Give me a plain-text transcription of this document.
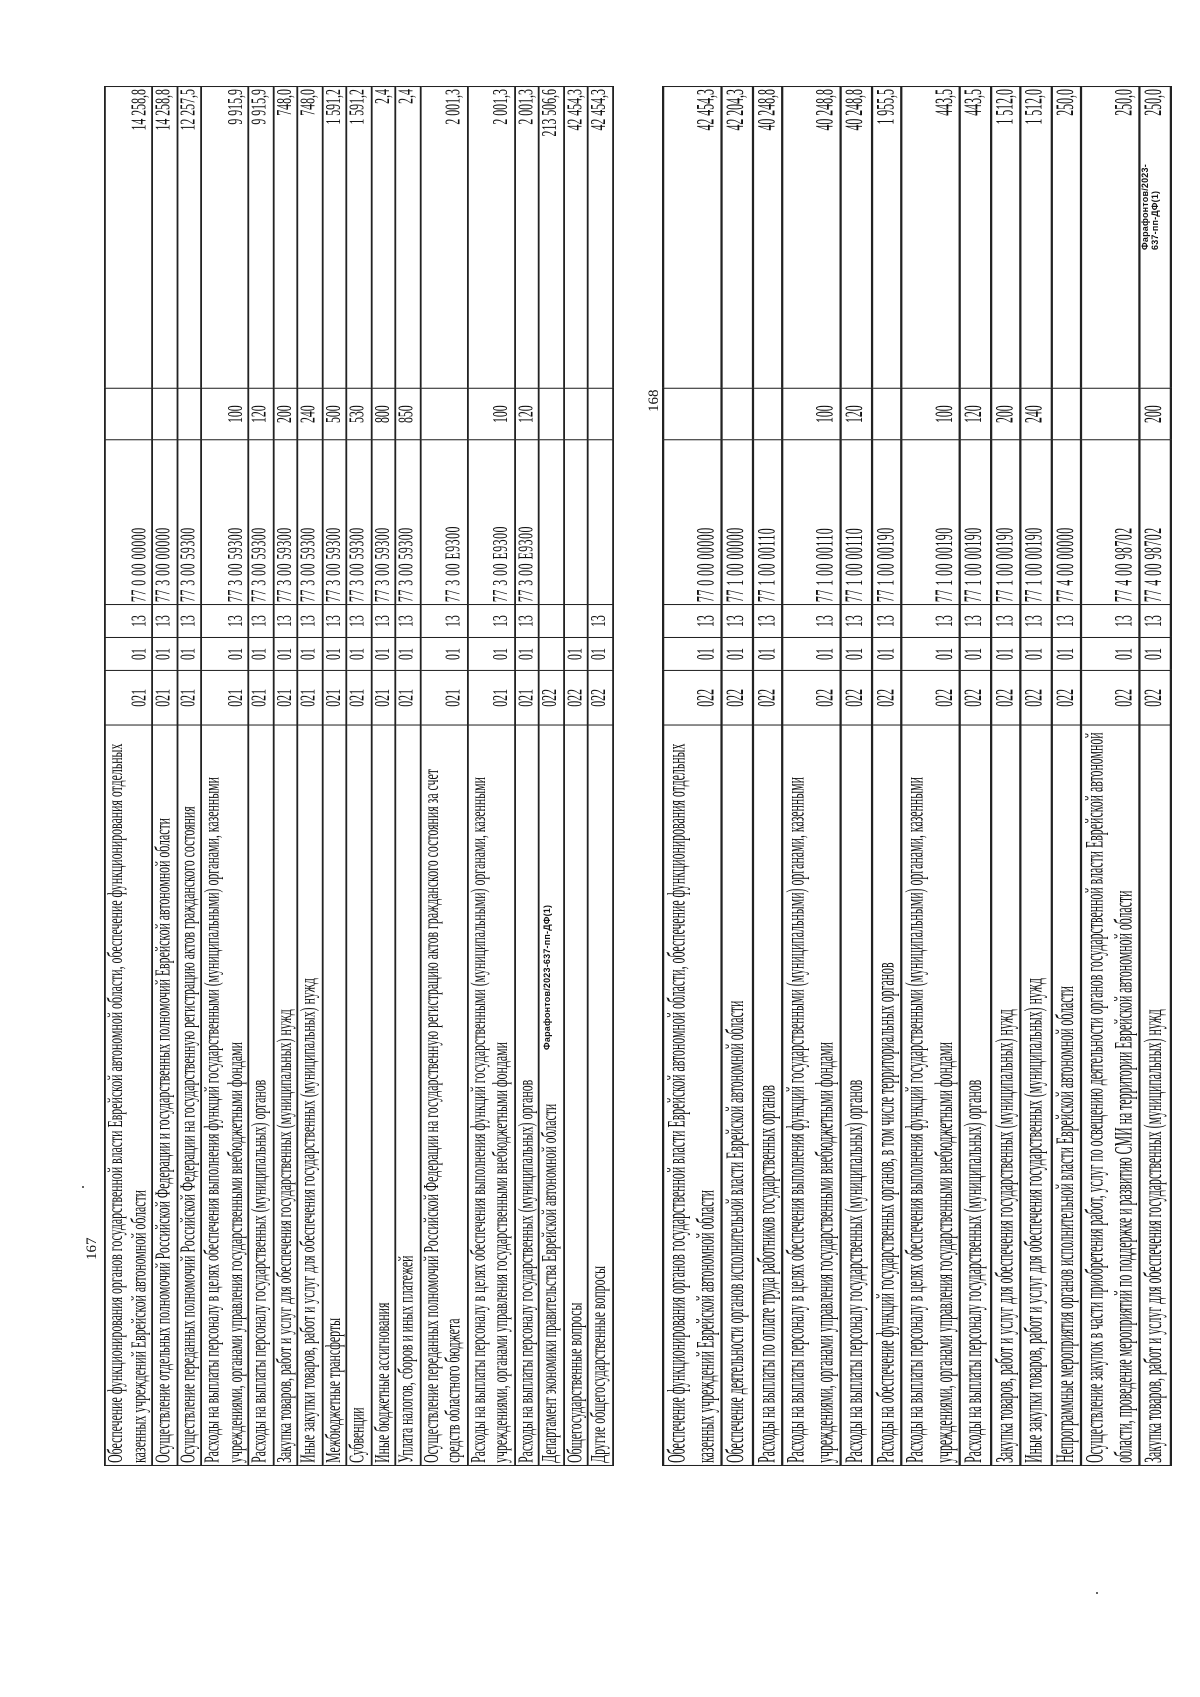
Обеспечение функционирования органов государственной власти Еврейской автономной области, обеспечение функционирования отдельных казенных учреждений Еврейской автономной области	021	01	13	77 0 00 00000		14 258,8
Осуществление отдельных полномочий Российской Федерации и государственных полномочий Еврейской автономной области	021	01	13	77 3 00 00000		14 258,8
Осуществление переданных полномочий Российской Федерации на государственную регистрацию актов гражданского состояния	021	01	13	77 3 00 59300		12 257,5
Расходы на выплаты персоналу в целях обеспечения выполнения функций государственными (муниципальными) органами, казенными учреждениями, органами управления государственными внебюджетными фондами	021	01	13	77 3 00 59300	100	9 915,9
Расходы на выплаты персоналу государственных (муниципальных) органов	021	01	13	77 3 00 59300	120	9 915,9
Закупка товаров, работ и услуг для обеспечения государственных (муниципальных) нужд	021	01	13	77 3 00 59300	200	748,0
Иные закупки товаров, работ и услуг для обеспечения государственных (муниципальных) нужд	021	01	13	77 3 00 59300	240	748,0
Межбюджетные трансферты	021	01	13	77 3 00 59300	500	1 591,2
Субвенции	021	01	13	77 3 00 59300	530	1 591,2
Иные бюджетные ассигнования	021	01	13	77 3 00 59300	800	2,4
Уплата налогов, сборов и иных платежей	021	01	13	77 3 00 59300	850	2,4
Осуществление переданных полномочий Российской Федерации на государственную регистрацию актов гражданского состояния за счет средств областного бюджета	021	01	13	77 3 00 Е9300		2 001,3
Расходы на выплаты персоналу в целях обеспечения выполнения функций государственными (муниципальными) органами, казенными учреждениями, органами управления государственными внебюджетными фондами	021	01	13	77 3 00 Е9300	100	2 001,3
Расходы на выплаты персоналу государственных (муниципальных) органов	021	01	13	77 3 00 Е9300	120	2 001,3
Департамент экономики правительства Еврейской автономной области	022					213 506,6
Общегосударственные вопросы	022	01				42 454,3
Другие общегосударственные вопросы	022	01	13			42 454,3
Обеспечение функционирования органов государственной власти Еврейской автономной области, обеспечение функционирования отдельных казенных учреждений Еврейской автономной области	022	01	13	77 0 00 00000		42 454,3
Обеспечение деятельности органов исполнительной власти Еврейской автономной области	022	01	13	77 1 00 00000		42 204,3
Расходы на выплаты по оплате труда работников государственных органов	022	01	13	77 1 00 00110		40 248,8
Расходы на выплаты персоналу в целях обеспечения выполнения функций государственными (муниципальными) органами, казенными учреждениями, органами управления государственными внебюджетными фондами	022	01	13	77 1 00 00110	100	40 248,8
Расходы на выплаты персоналу государственных (муниципальных) органов	022	01	13	77 1 00 00110	120	40 248,8
Расходы на обеспечение функций государственных органов, в том числе территориальных органов	022	01	13	77 1 00 00190		1 955,5
Расходы на выплаты персоналу в целях обеспечения выполнения функций государственными (муниципальными) органами, казенными учреждениями, органами управления государственными внебюджетными фондами	022	01	13	77 1 00 00190	100	443,5
Расходы на выплаты персоналу государственных (муниципальных) органов	022	01	13	77 1 00 00190	120	443,5
Закупка товаров, работ и услуг для обеспечения государственных (муниципальных) нужд	022	01	13	77 1 00 00190	200	1 512,0
Иные закупки товаров, работ и услуг для обеспечения государственных (муниципальных) нужд	022	01	13	77 1 00 00190	240	1 512,0
Непрограммные мероприятия органов исполнительной власти Еврейской автономной области	022	01	13	77 4 00 00000		250,0
Осуществление закупок в части приобретения работ, услуг по освещению деятельности органов государственной власти Еврейской автономной области, проведение мероприятий по поддержке и развитию СМИ на территории Еврейской автономной области	022	01	13	77 4 00 98702		250,0
Закупка товаров, работ и услуг для обеспечения государственных (муниципальных) нужд	022	01	13	77 4 00 98702	200	250,0
167
168
Фарафонтов/2023-637-пп-ДФ(1)
Фарафонтов/2023-637-пп-ДФ(1)
